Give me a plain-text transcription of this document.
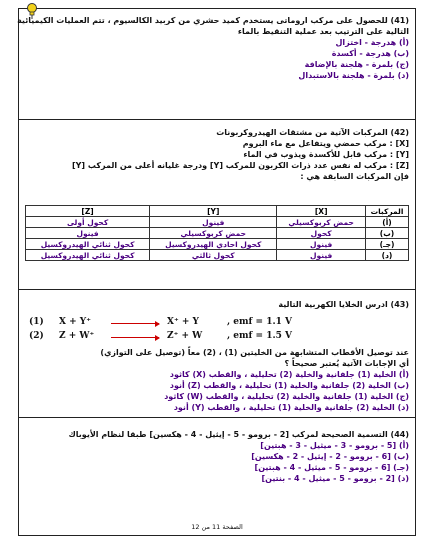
(41) للحصول على مركب اروماتى يستخدم كميد حشري من كربيد الكالسيوم ، تتم العمليات الكيميائية
التالية على الترتيب بعد عملية التنقيط بالماء
(أ) هدرجة - اختزال
(ب) هدرجة - أكسدة
(ج) بلمرة - هلجنة بالإضافة
(د) بلمرة - هلجنة بالاستبدال
(42) المركبات الآتية من مشتقات الهيدروكربونات
[X] : مركب حمضي ويتفاعل مع ماء البروم
[Y] : مركب قابل للأكسدة ويذوب في الماء
[Z] : مركب له نفس عدد ذرات الكربون للمركب [Y] ودرجة غليانه أعلى من المركب [Y]
فإن المركبات السابقة هي :
المركبات	[X]	[Y]	[Z]
(أ)	حمض كربوكسيلي	فينول	كحول أولى
(ب)	كحول	حمض كربوكسيلي	فينول
(جـ)	فينول	كحول احادي الهيدروكسيل	كحول ثنائي الهيدروكسيل
(د)	فينول	كحول ثالثي	كحول ثنائي الهيدروكسيل
(43) ادرس الخلايا الكهربية التالية
(1) X + Y⁺	X⁺ + Y	, emf = 1.1 V
(2) Z + W⁺	Z⁺ + W	, emf = 1.5 V
عند توصيل الأقطاب المتشابهة من الخليتين (1) ، (2) معاً (توصيل على التوازي)
أي الإجابات الآتية يُعتبر صحيحاً ؟
(أ) الخلية (1) جلفانية والخلية (2) تحليلية ، والقطب (X) كاثود
(ب) الخلية (2) جلفانية والخلية (1) تحليلية ، والقطب (Z) أنود
(ج) الخلية (1) جلفانية والخلية (2) تحليلية ، والقطب (W) كاثود
(د) الخلية (2) جلفانية والخلية (1) تحليلية ، والقطب (Y) أنود
(44) التسمية الصحيحة لمركب [2 - برومو - 5 - إيثيل - 4 - هكسين] طبقا لنظام الأيوباك
(أ) [5 - برومو - 3 - ميثيل - 3 - هبتين]
(ب) [6 - برومو - 2 - إيثيل - 2 - هكسين]
(جـ) [6 - برومو - 5 - ميثيل - 4 - هبتين]
(د) [2 - برومو - 5 - ميثيل - 4 - بنتين]
الصفحة 11 من 12
